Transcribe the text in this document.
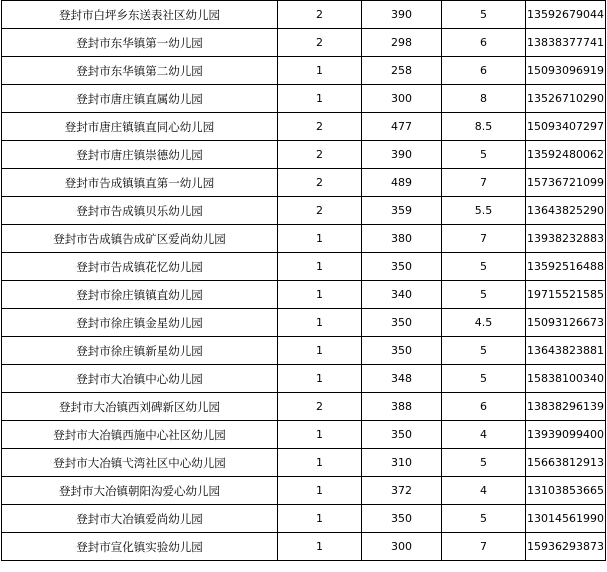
登封市白坪乡东送表社区幼儿园	2	390	5	13592679044
登封市东华镇第一幼儿园	2	298	6	13838377741
登封市东华镇第二幼儿园	1	258	6	15093096919
登封市唐庄镇直属幼儿园	1	300	8	13526710290
登封市唐庄镇镇直同心幼儿园	2	477	8.5	15093407297
登封市唐庄镇崇德幼儿园	2	390	5	13592480062
登封市告成镇镇直第一幼儿园	2	489	7	15736721099
登封市告成镇贝乐幼儿园	2	359	5.5	13643825290
登封市告成镇告成矿区爱尚幼儿园	1	380	7	13938232883
登封市告成镇花忆幼儿园	1	350	5	13592516488
登封市徐庄镇镇直幼儿园	1	340	5	19715521585
登封市徐庄镇金星幼儿园	1	350	4.5	15093126673
登封市徐庄镇新星幼儿园	1	350	5	13643823881
登封市大冶镇中心幼儿园	1	348	5	15838100340
登封市大冶镇西刘碑新区幼儿园	2	388	6	13838296139
登封市大冶镇西施中心社区幼儿园	1	350	4	13939099400
登封市大冶镇弋湾社区中心幼儿园	1	310	5	15663812913
登封市大冶镇朝阳沟爱心幼儿园	1	372	4	13103853665
登封市大冶镇爱尚幼儿园	1	350	5	13014561990
登封市宣化镇实验幼儿园	1	300	7	15936293873
